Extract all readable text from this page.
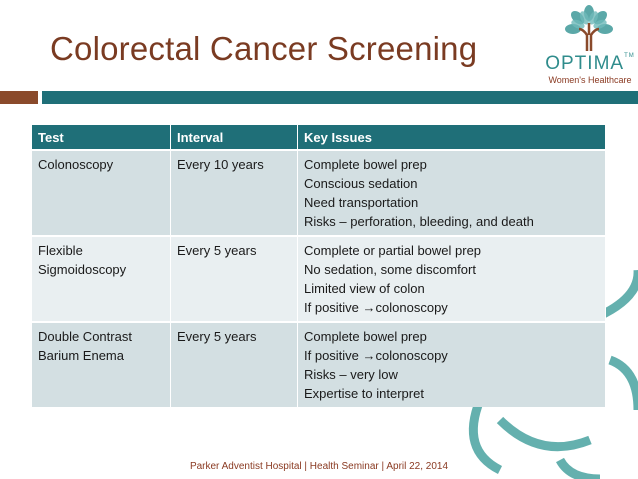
Colorectal Cancer Screening	OPTIMA™
Women's Healthcare
Test	Interval	Key Issues
Colonoscopy	Every 10 years	Complete bowel prep
Conscious sedation
Need transportation
Risks – perforation, bleeding, and death
Flexible
Sigmoidoscopy	Every 5 years	Complete or partial bowel prep
No sedation, some discomfort
Limited view of colon
If positive →colonoscopy
Double Contrast
Barium Enema	Every 5 years	Complete bowel prep
If positive →colonoscopy
Risks – very low
Expertise to interpret
Parker Adventist Hospital | Health Seminar | April 22, 2014
